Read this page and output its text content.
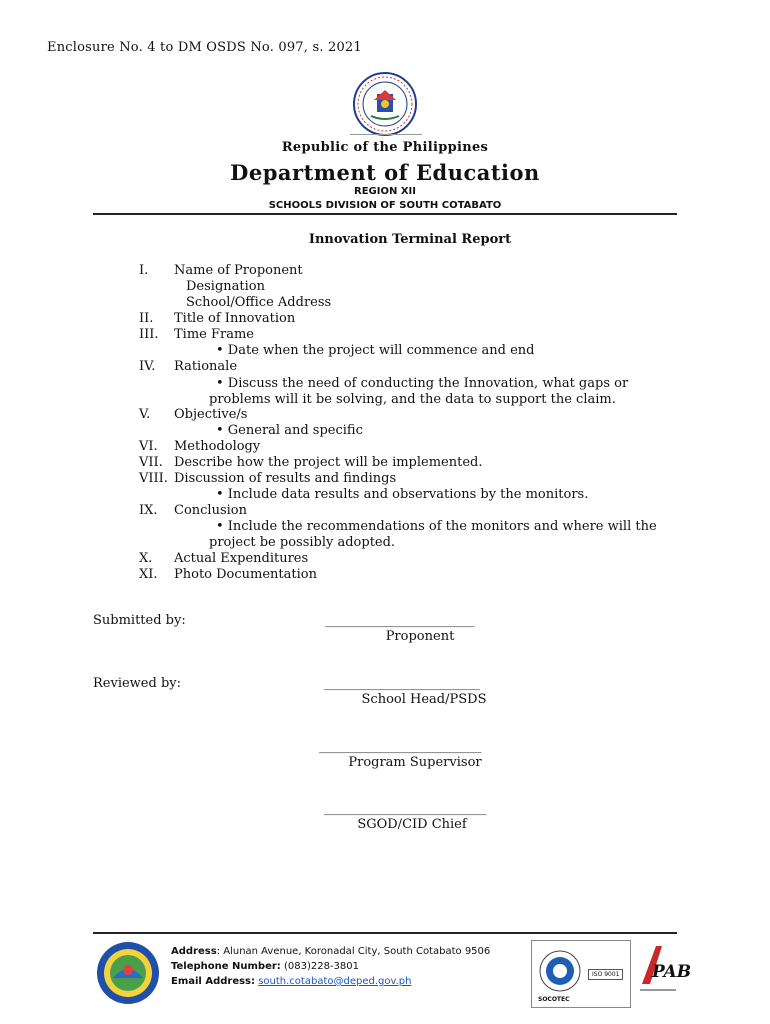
Enclosure No. 4 to DM OSDS No. 097, s. 2021
Republic of the Philippines
Department of Education
REGION XII
SCHOOLS DIVISION OF SOUTH COTABATO
Innovation Terminal Report
I. Name of Proponent
Designation
School/Office Address
II. Title of Innovation
III. Time Frame
• Date when the project will commence and end
IV. Rationale
• Discuss the need of conducting the Innovation, what gaps or
problems will it be solving, and the data to support the claim.
V. Objective/s
• General and specific
VI. Methodology
VII. Describe how the project will be implemented.
VIII. Discussion of results and findings
• Include data results and observations by the monitors.
IX. Conclusion
• Include the recommendations of the monitors and where will the
project be possibly adopted.
X. Actual Expenditures
XI. Photo Documentation
Submitted by:	_______________________
Proponent
Reviewed by:	________________________
School Head/PSDS
_________________________
Program Supervisor
_________________________
SGOD/CID Chief
Address: Alunan Avenue, Koronadal City, South Cotabato 9506
Telephone Number: (083)228-3801
Email Address: south.cotabato@deped.gov.ph
ISO 9001
SOCOTEC
PAB
